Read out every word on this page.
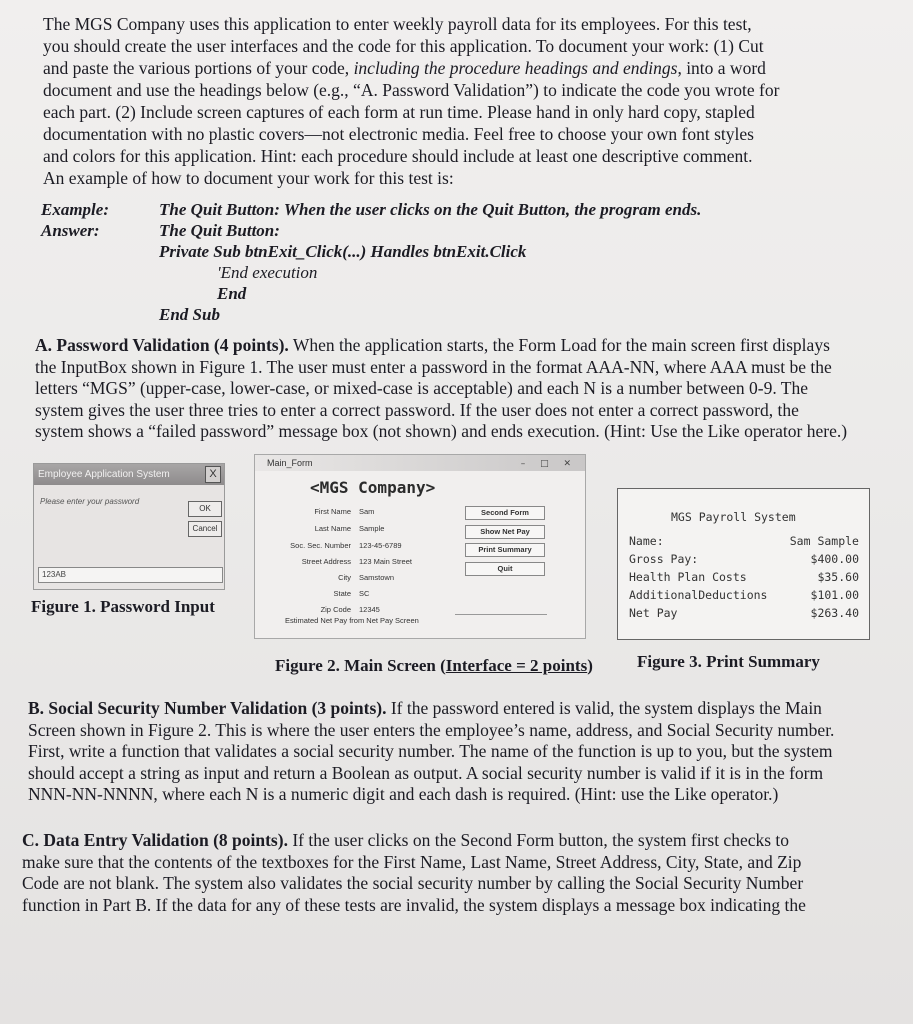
The MGS Company uses this application to enter weekly payroll data for its employees. For this test,

you should create the user interfaces and the code for this application. To document your work: (1) Cut

and paste the various portions of your code, including the procedure headings and endings, into a word

document and use the headings below (e.g., “A. Password Validation”) to indicate the code you wrote for

each part. (2) Include screen captures of each form at run time. Please hand in only hard copy, stapled

documentation with no plastic covers—not electronic media. Feel free to choose your own font styles

and colors for this application. Hint: each procedure should include at least one descriptive comment.

An example of how to document your work for this test is:

Example:	The Quit Button: When the user clicks on the Quit Button, the program ends.
Answer:	The Quit Button:
Private Sub btnExit_Click(...) Handles btnExit.Click
'End execution
End
End Sub
A. Password Validation (4 points). When the application starts, the Form Load for the main screen first displays
the InputBox shown in Figure 1. The user must enter a password in the format AAA-NN, where AAA must be the
letters “MGS” (upper-case, lower-case, or mixed-case is acceptable) and each N is a number between 0-9. The
system gives the user three tries to enter a correct password. If the user does not enter a correct password, the
system shows a “failed password” message box (not shown) and ends execution. (Hint: Use the Like operator here.)
Employee Application System	X
Please enter your password
OK
Cancel
123AB
Figure 1. Password Input
Main_Form	– □ ✕
<MGS Company>
First Name Sam
Last Name Sample
Soc. Sec. Number 123-45-6789
Street Address 123 Main Street
City Samstown
State SC
Zip Code 12345
Second Form
Show Net Pay
Print Summary
Quit
Estimated Net Pay from Net Pay Screen
Figure 2. Main Screen (Interface = 2 points)
MGS Payroll System
Name:	Sam Sample
Gross Pay:	$400.00
Health Plan Costs	$35.60
AdditionalDeductions	$101.00
Net Pay	$263.40
Figure 3. Print Summary
B. Social Security Number Validation (3 points). If the password entered is valid, the system displays the Main
Screen shown in Figure 2. This is where the user enters the employee’s name, address, and Social Security number.
First, write a function that validates a social security number. The name of the function is up to you, but the system
should accept a string as input and return a Boolean as output. A social security number is valid if it is in the form
NNN-NN-NNNN, where each N is a numeric digit and each dash is required. (Hint: use the Like operator.)
C. Data Entry Validation (8 points). If the user clicks on the Second Form button, the system first checks to
make sure that the contents of the textboxes for the First Name, Last Name, Street Address, City, State, and Zip
Code are not blank. The system also validates the social security number by calling the Social Security Number
function in Part B. If the data for any of these tests are invalid, the system displays a message box indicating the
